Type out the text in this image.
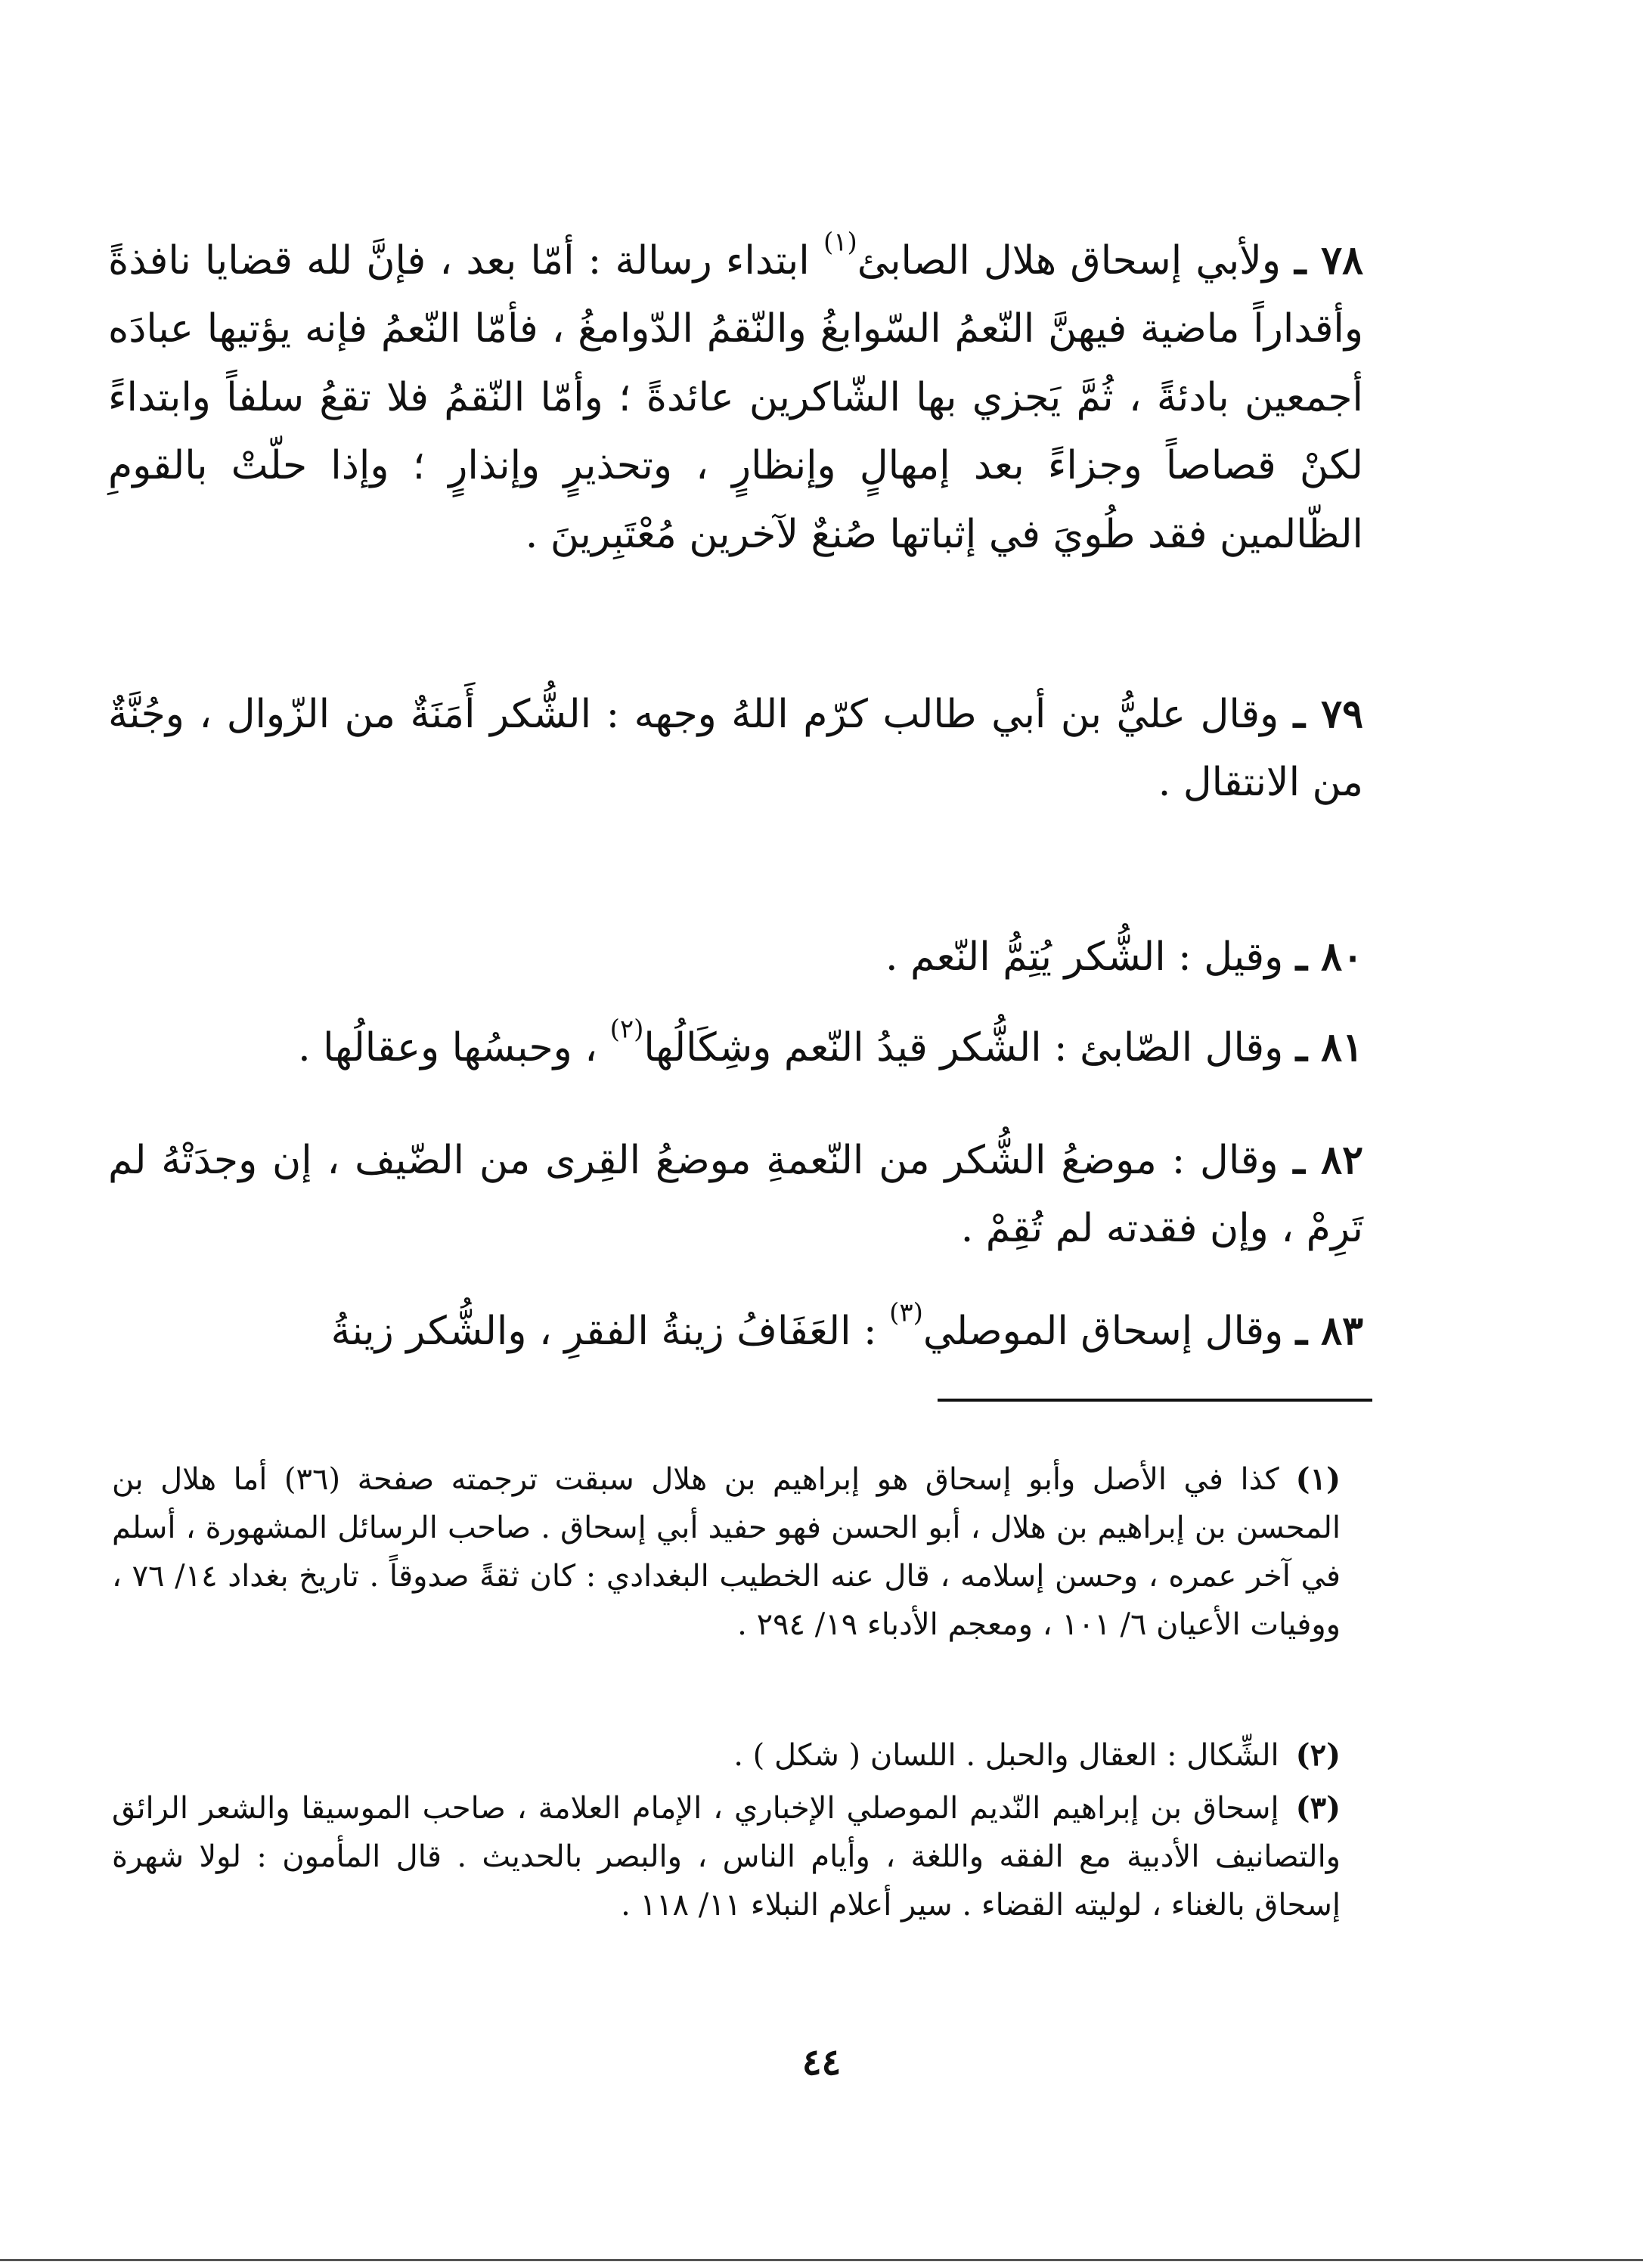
٧٨ ـ ولأبي إسحاق هلال الصابئ$^{(١)}$ ابتداء رسالة : أمّا بعد ، فإنَّ لله قضايا نافذةً وأقداراً ماضية فيهنَّ النّعمُ السّوابغُ والنّقمُ الدّوامغُ ، فأمّا النّعمُ فإنه يؤتيها عبادَه أجمعين بادئةً ، ثُمَّ يَجزي بها الشّاكرين عائدةً ؛ وأمّا النّقمُ فلا تقعُ سلفاً وابتداءً لكنْ قصاصاً وجزاءً بعد إمهالٍ وإنظارٍ ، وتحذيرٍ وإنذارٍ ؛ وإذا حلّتْ بالقومِ الظّالمين فقد طُويَ في إثباتها صُنعٌ لآخرين مُعْتَبِرينَ .

٧٩ ـ وقال عليُّ بن أبي طالب كرّم اللهُ وجهه : الشُّكر أَمَنَةٌ من الزّوال ، وجُنَّةٌ من الانتقال .

٨٠ ـ وقيل : الشُّكر يُتِمُّ النّعم .

٨١ ـ وقال الصّابئ : الشُّكر قيدُ النّعم وشِكَالُها$^{(٢)}$ ، وحبسُها وعقالُها .

٨٢ ـ وقال : موضعُ الشُّكر من النّعمةِ موضعُ القِرى من الضّيف ، إن وجدَتْهُ لم تَرِمْ ، وإن فقدته لم تُقِمْ .

٨٣ ـ وقال إسحاق الموصلي$^{(٣)}$ : العَفَافُ زينةُ الفقرِ ، والشُّكر زينةُ

(١)كذا في الأصل وأبو إسحاق هو إبراهيم بن هلال سبقت ترجمته صفحة (٣٦) أما هلال بن المحسن بن إبراهيم بن هلال ، أبو الحسن فهو حفيد أبي إسحاق . صاحب الرسائل المشهورة ، أسلم في آخر عمره ، وحسن إسلامه ، قال عنه الخطيب البغدادي : كان ثقةً صدوقاً . تاريخ بغداد ١٤/ ٧٦ ، ووفيات الأعيان ٦/ ١٠١ ، ومعجم الأدباء ١٩/ ٢٩٤ .

(٢)الشِّكال : العقال والحبل . اللسان ( شكل ) .

(٣)إسحاق بن إبراهيم النّديم الموصلي الإخباري ، الإمام العلامة ، صاحب الموسيقا والشعر الرائق والتصانيف الأدبية مع الفقه واللغة ، وأيام الناس ، والبصر بالحديث . قال المأمون : لولا شهرة إسحاق بالغناء ، لوليته القضاء . سير أعلام النبلاء ١١/ ١١٨ .

٤٤
